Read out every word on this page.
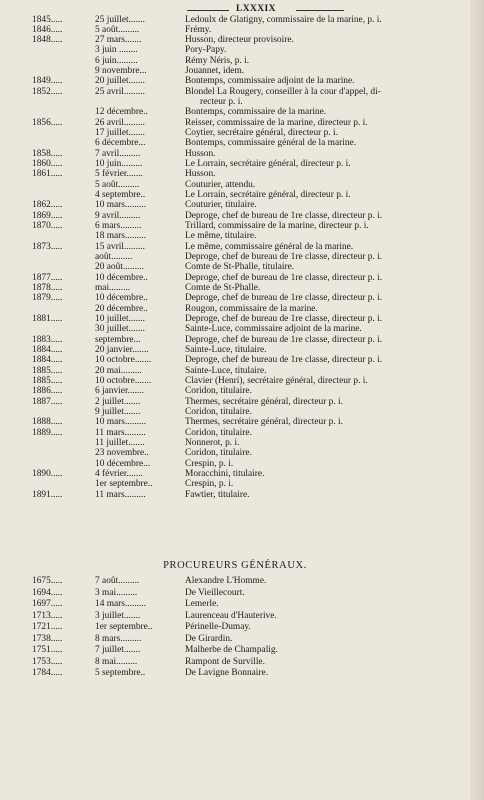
LXXXIX
1845.....	25 juillet.......	Ledoulx de Glatigny, commissaire de la marine, p. i.
1846.....	5 août.........	Frémy.
1848.....	27 mars.......	Husson, directeur provisoire.
3 juin ........	Pory-Papy.
6 juin.........	Rémy Néris, p. i.
9 novembre...	Jouannet, idem.
1849.....	20 juillet.......	Bontemps, commissaire adjoint de la marine.
1852.....	25 avril.........	Blondel La Rougery, conseiller à la cour d'appel, di-
recteur p. i.
12 décembre..	Bontemps, commissaire de la marine.
1856.....	26 avril.........	Reisser, commissaire de la marine, directeur p. i.
17 juillet.......	Coytier, secrétaire général, directeur p. i.
6 décembre...	Bontemps, commissaire général de la marine.
1858.....	7 avril.........	Husson.
1860.....	10 juin.........	Le Lorrain, secrétaire général, directeur p. i.
1861.....	5 février.......	Husson.
5 août.........	Couturier, attendu.
4 septembre..	Le Lorrain, secrétaire général, directeur p. i.
1862.....	10 mars.........	Couturier, titulaire.
1869.....	9 avril.........	Deproge, chef de bureau de 1re classe, directeur p. i.
1870.....	6 mars.........	Trillard, commissaire de la marine, directeur p. i.
18 mars.........	Le même, titulaire.
1873.....	15 avril.........	Le même, commissaire général de la marine.
août.........	Deproge, chef de bureau de 1re classe, directeur p. i.
20 août.........	Comte de St-Phalle, titulaire.
1877.....	10 décembre..	Deproge, chef de bureau de 1re classe, directeur p. i.
1878.....	mai.........	Comte de St-Phalle.
1879.....	10 décembre..	Deproge, chef de bureau de 1re classe, directeur p. i.
20 décembre..	Rougon, commissaire de la marine.
1881.....	10 juillet.......	Deproge, chef de bureau de 1re classe, directeur p. i.
30 juillet.......	Sainte-Luce, commissaire adjoint de la marine.
1883.....	septembre...	Deproge, chef de bureau de 1re classe, directeur p. i.
1884.....	20 janvier.......	Sainte-Luce, titulaire.
1884.....	10 octobre.......	Deproge, chef de bureau de 1re classe, directeur p. i.
1885.....	20 mai.........	Sainte-Luce, titulaire.
1885.....	10 octobre.......	Clavier (Henri), secrétaire général, directeur p. i.
1886.....	6 janvier.......	Coridon, titulaire.
1887.....	2 juillet.......	Thermes, secrétaire général, directeur p. i.
9 juillet.......	Coridon, titulaire.
1888.....	10 mars.........	Thermes, secrétaire général, directeur p. i.
1889.....	11 mars.........	Coridon, titulaire.
11 juillet.......	Nonnerot, p. i.
23 novembre..	Coridon, titulaire.
10 décembre...	Crespin, p. i.
1890.....	4 février.......	Moracchini, titulaire.
1er septembre..	Crespin, p. i.
1891.....	11 mars.........	Fawtier, titulaire.
PROCUREURS GÉNÉRAUX.
1675.....	7 août.........	Alexandre L'Homme.
1694.....	3 mai.........	De Vieillecourt.
1697.....	14 mars.........	Lemerle.
1713.....	3 juillet.......	Laurenceau d'Hauterive.
1721.....	1er septembre..	Périnelle-Dumay.
1738.....	8 mars.........	De Girardin.
1751.....	7 juillet.......	Malherbe de Champalig.
1753.....	8 mai.........	Rampont de Surville.
1784.....	5 septembre..	De Lavigne Bonnaire.
